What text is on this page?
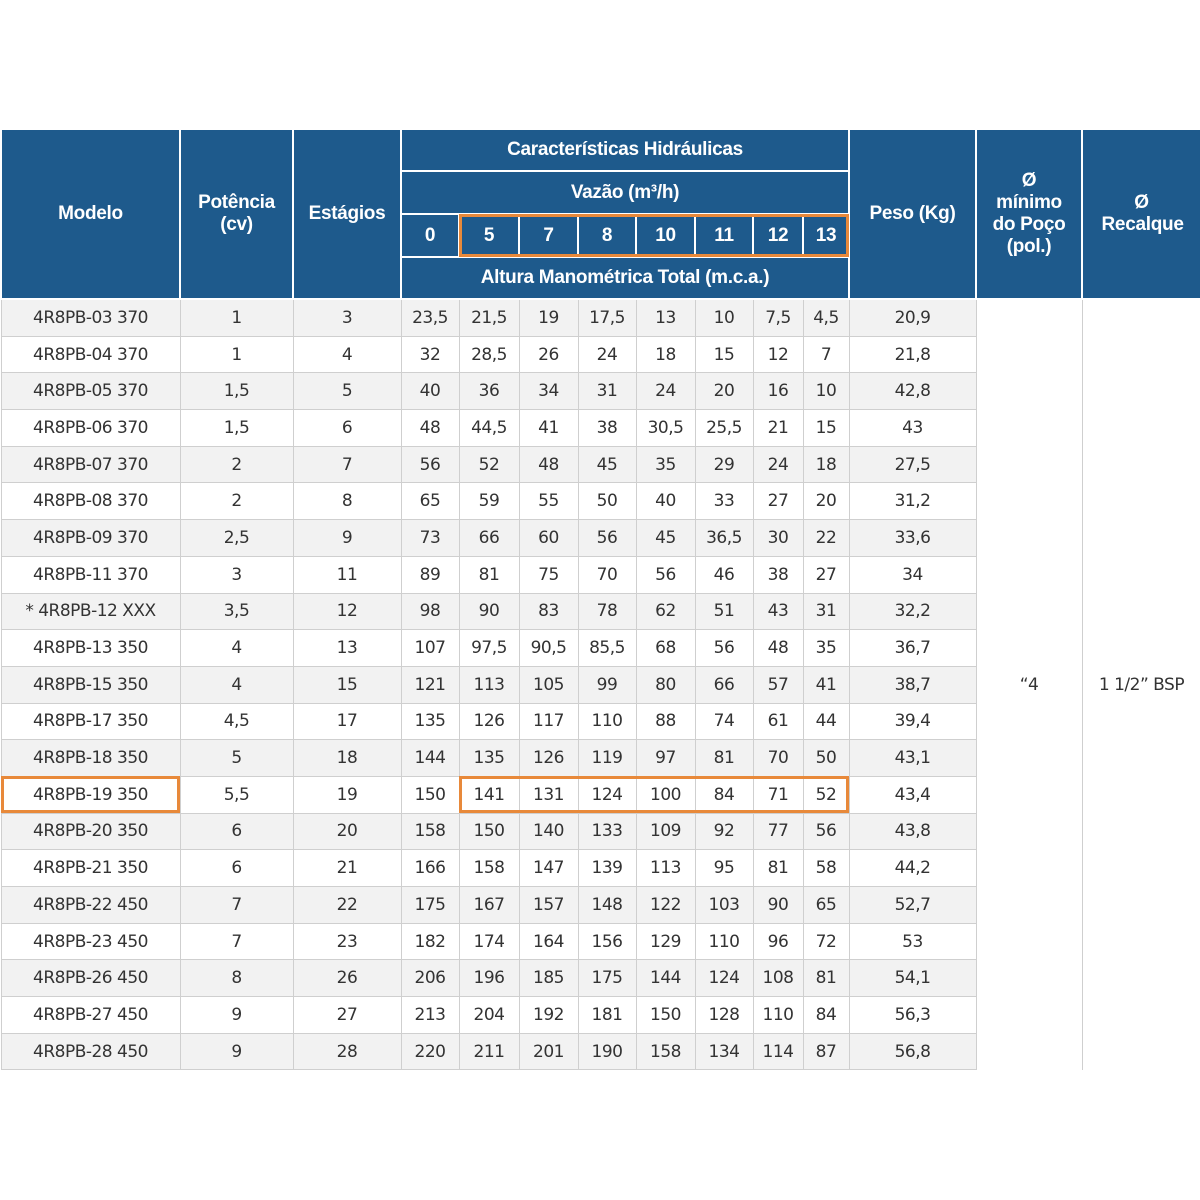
Modelo	Potência (cv)	Estágios	Características Hidráulicas								Peso (Kg)	Ø mínimo do Poço (pol.)	Ø Recalque
			Vazão (m³/h)										
			0	5	7	8	10	11	12	13			
			Altura Manométrica Total (m.c.a.)										
4R8PB-03 370	1	3	23,5	21,5	19	17,5	13	10	7,5	4,5	20,9	“4	1 1/2” BSP
4R8PB-04 370	1	4	32	28,5	26	24	18	15	12	7	21,8		
4R8PB-05 370	1,5	5	40	36	34	31	24	20	16	10	42,8		
4R8PB-06 370	1,5	6	48	44,5	41	38	30,5	25,5	21	15	43		
4R8PB-07 370	2	7	56	52	48	45	35	29	24	18	27,5		
4R8PB-08 370	2	8	65	59	55	50	40	33	27	20	31,2		
4R8PB-09 370	2,5	9	73	66	60	56	45	36,5	30	22	33,6		
4R8PB-11 370	3	11	89	81	75	70	56	46	38	27	34		
* 4R8PB-12 XXX	3,5	12	98	90	83	78	62	51	43	31	32,2		
4R8PB-13 350	4	13	107	97,5	90,5	85,5	68	56	48	35	36,7		
4R8PB-15 350	4	15	121	113	105	99	80	66	57	41	38,7		
4R8PB-17 350	4,5	17	135	126	117	110	88	74	61	44	39,4		
4R8PB-18 350	5	18	144	135	126	119	97	81	70	50	43,1		
4R8PB-19 350	5,5	19	150	141	131	124	100	84	71	52	43,4		
4R8PB-20 350	6	20	158	150	140	133	109	92	77	56	43,8		
4R8PB-21 350	6	21	166	158	147	139	113	95	81	58	44,2		
4R8PB-22 450	7	22	175	167	157	148	122	103	90	65	52,7		
4R8PB-23 450	7	23	182	174	164	156	129	110	96	72	53		
4R8PB-26 450	8	26	206	196	185	175	144	124	108	81	54,1		
4R8PB-27 450	9	27	213	204	192	181	150	128	110	84	56,3		
4R8PB-28 450	9	28	220	211	201	190	158	134	114	87	56,8		
